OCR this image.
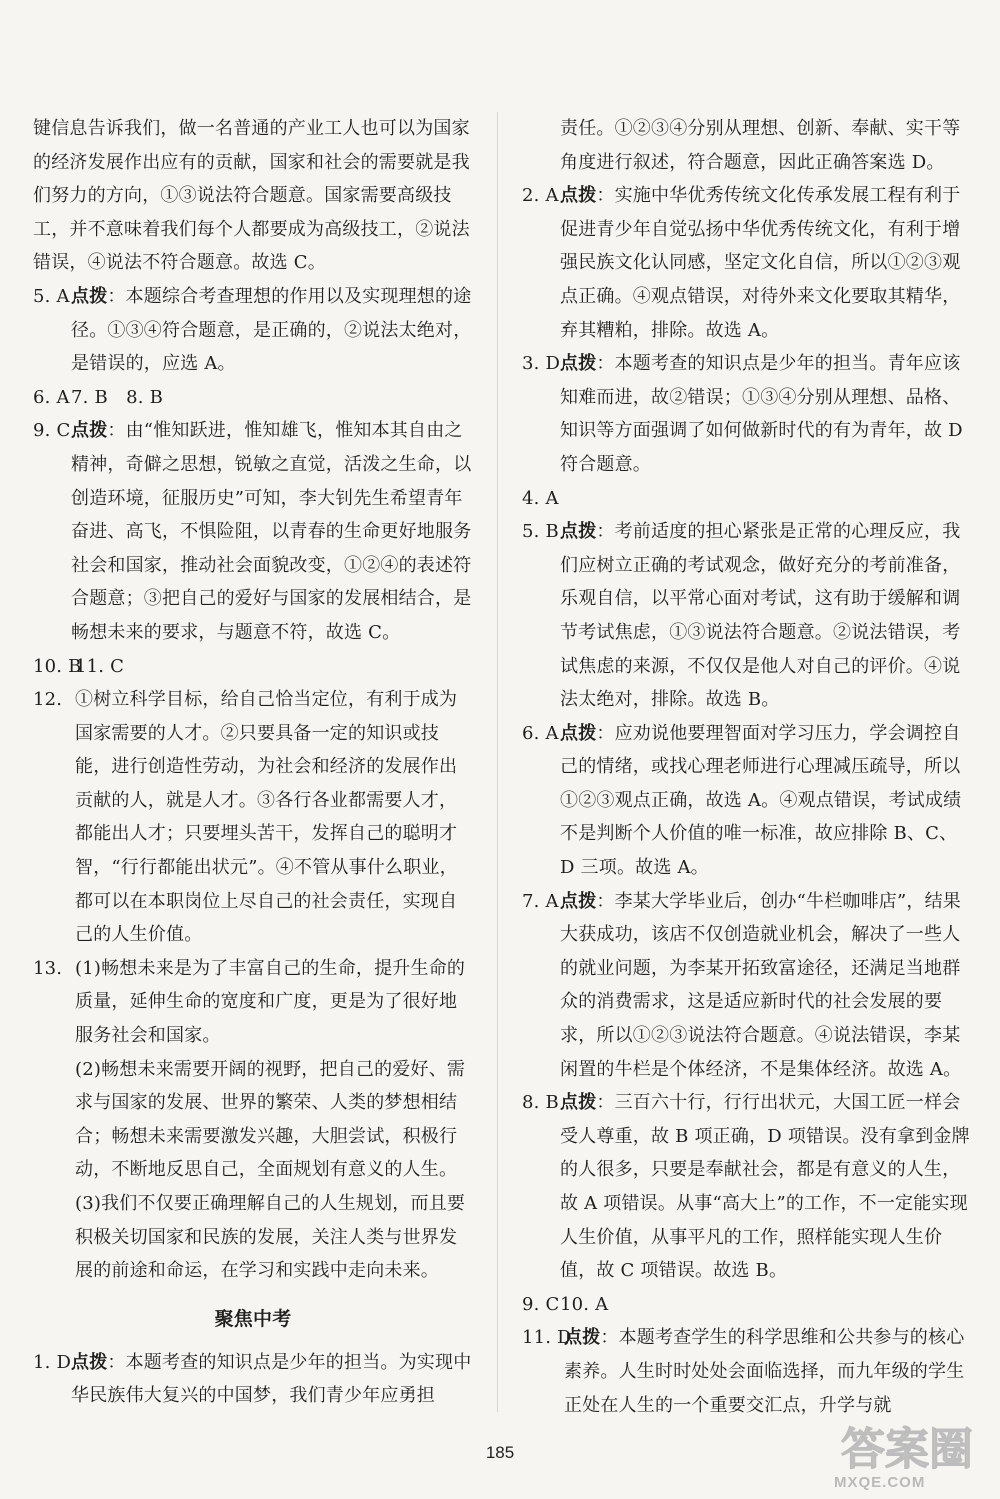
键信息告诉我们，做一名普通的产业工人也可以为国家的经济发展作出应有的贡献，国家和社会的需要就是我们努力的方向，①③说法符合题意。国家需要高级技工，并不意味着我们每个人都要成为高级技工，②说法错误，④说法不符合题意。故选 C。

5. A 点拨：本题综合考查理想的作用以及实现理想的途径。①③④符合题意，是正确的，②说法太绝对，是错误的，应选 A。
6. A 7. B　8. B
9. C 点拨：由“惟知跃进，惟知雄飞，惟知本其自由之精神，奇僻之思想，锐敏之直觉，活泼之生命，以创造环境，征服历史”可知，李大钊先生希望青年奋进、高飞，不惧险阻，以青春的生命更好地服务社会和国家，推动社会面貌改变，①②④的表述符合题意；③把自己的爱好与国家的发展相结合，是畅想未来的要求，与题意不符，故选 C。
10. B
11. C
12. ①树立科学目标，给自己恰当定位，有利于成为国家需要的人才。②只要具备一定的知识或技能，进行创造性劳动，为社会和经济的发展作出贡献的人，就是人才。③各行各业都需要人才，都能出人才；只要埋头苦干，发挥自己的聪明才智，“行行都能出状元”。④不管从事什么职业，都可以在本职岗位上尽自己的社会责任，实现自己的人生价值。
13. (1)畅想未来是为了丰富自己的生命，提升生命的质量，延伸生命的宽度和广度，更是为了很好地服务社会和国家。

(2)畅想未来需要开阔的视野，把自己的爱好、需求与国家的发展、世界的繁荣、人类的梦想相结合；畅想未来需要激发兴趣，大胆尝试，积极行动，不断地反思自己，全面规划有意义的人生。

(3)我们不仅要正确理解自己的人生规划，而且要积极关切国家和民族的发展，关注人类与世界发展的前途和命运，在学习和实践中走向未来。

聚焦中考
1. D 点拨：本题考查的知识点是少年的担当。为实现中华民族伟大复兴的中国梦，我们青少年应勇担

责任。①②③④分别从理想、创新、奉献、实干等角度进行叙述，符合题意，因此正确答案选 D。

2. A 点拨：实施中华优秀传统文化传承发展工程有利于促进青少年自觉弘扬中华优秀传统文化，有利于增强民族文化认同感，坚定文化自信，所以①②③观点正确。④观点错误，对待外来文化要取其精华，弃其糟粕，排除。故选 A。
3. D 点拨：本题考查的知识点是少年的担当。青年应该知难而进，故②错误；①③④分别从理想、品格、知识等方面强调了如何做新时代的有为青年，故 D 符合题意。
4. A

5. B 点拨：考前适度的担心紧张是正常的心理反应，我们应树立正确的考试观念，做好充分的考前准备，乐观自信，以平常心面对考试，这有助于缓解和调节考试焦虑，①③说法符合题意。②说法错误，考试焦虑的来源，不仅仅是他人对自己的评价。④说法太绝对，排除。故选 B。
6. A 点拨：应劝说他要理智面对学习压力，学会调控自己的情绪，或找心理老师进行心理减压疏导，所以①②③观点正确，故选 A。④观点错误，考试成绩不是判断个人价值的唯一标准，故应排除 B、C、D 三项。故选 A。
7. A 点拨：李某大学毕业后，创办“牛栏咖啡店”，结果大获成功，该店不仅创造就业机会，解决了一些人的就业问题，为李某开拓致富途径，还满足当地群众的消费需求，这是适应新时代的社会发展的要求，所以①②③说法符合题意。④说法错误，李某闲置的牛栏是个体经济，不是集体经济。故选 A。
8. B 点拨：三百六十行，行行出状元，大国工匠一样会受人尊重，故 B 项正确，D 项错误。没有拿到金牌的人很多，只要是奉献社会，都是有意义的人生，故 A 项错误。从事“高大上”的工作，不一定能实现人生价值，从事平凡的工作，照样能实现人生价值，故 C 项错误。故选 B。
9. C 10. A
11. D
点拨：本题考查学生的科学思维和公共参与的核心素养。人生时时处处会面临选择，而九年级的学生正处在人生的一个重要交汇点，升学与就
185	答案圈
MXQE.COM
